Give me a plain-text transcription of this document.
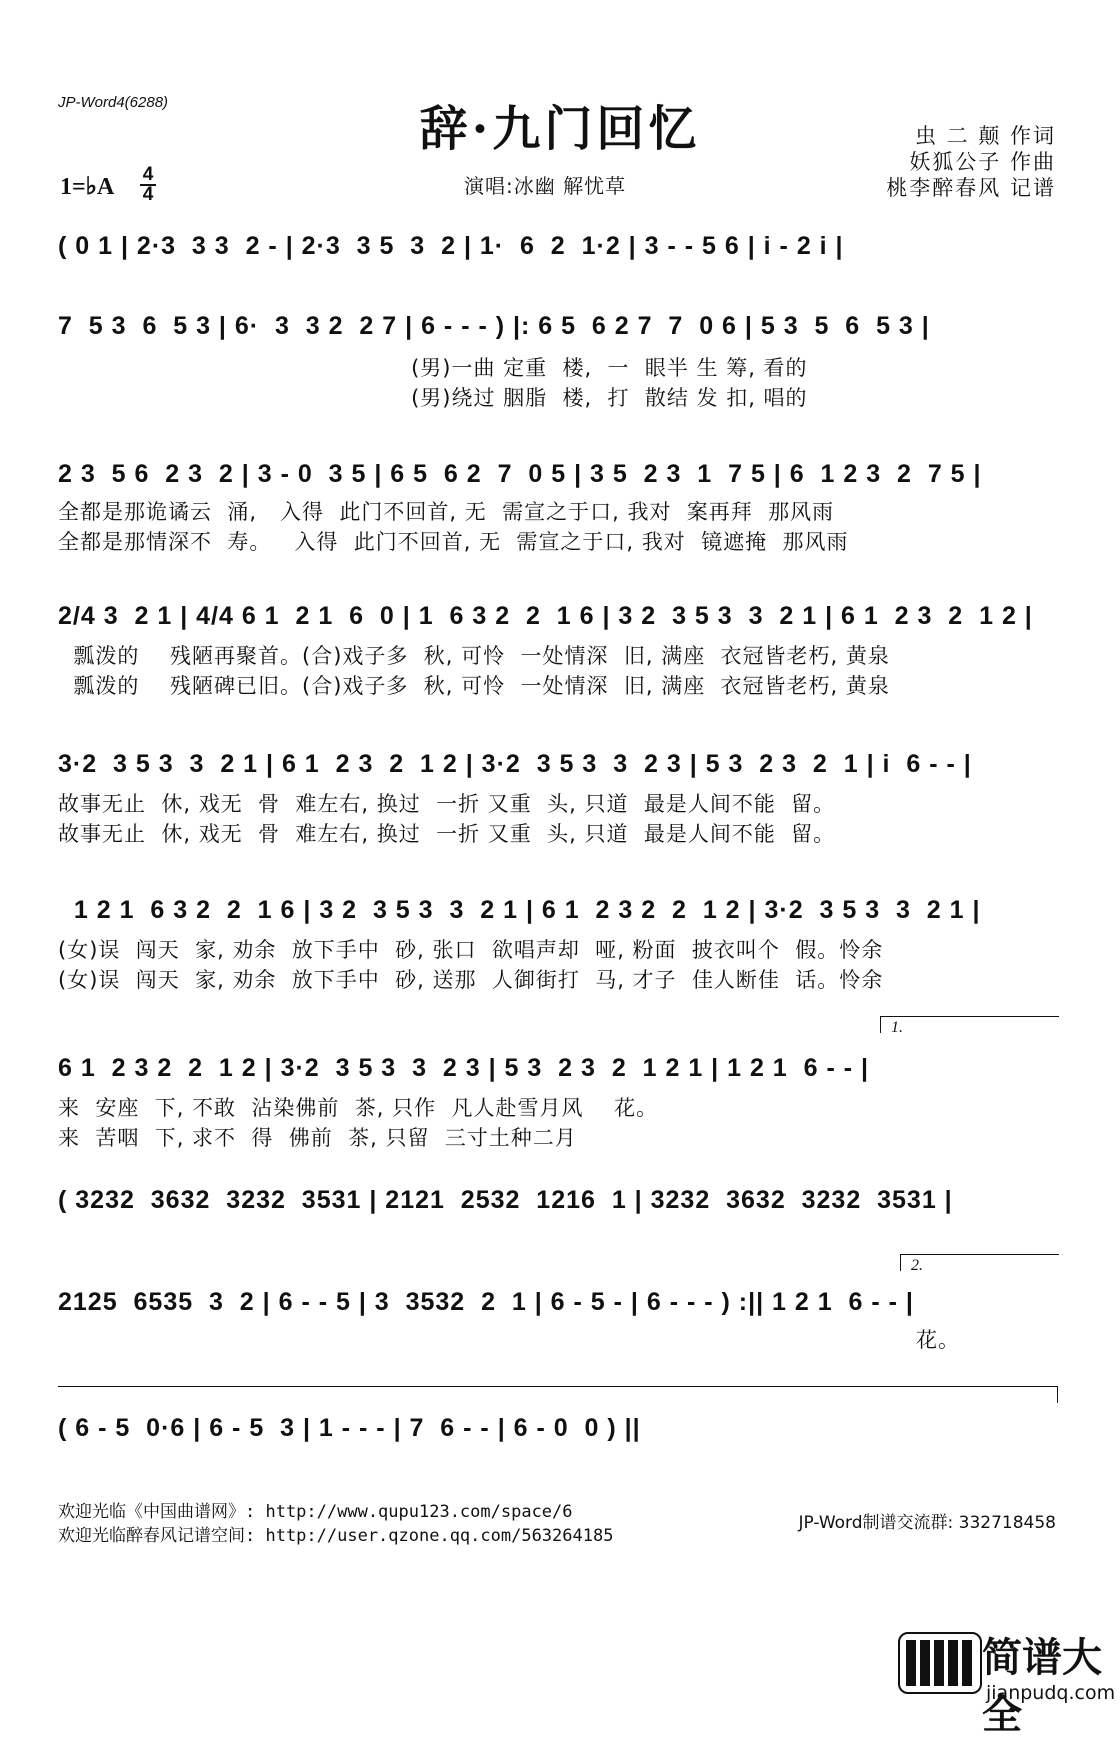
JP-Word4(6288)	辞·九门回忆	虫 二 颠 作词
妖狐公子 作曲
桃李醉春风 记谱
1=♭A 4
4	演唱:冰幽 解忧草
( 0 1 | 2·3  3 3  2 - | 2·3  3 5  3  2 | 1·  6  2  1·2 | 3 - - 5 6 | i - 2 i |
7  5 3  6  5 3 | 6·  3  3 2  2 7 | 6 - - - ) |: 6 5  6 2 7  7  0 6 | 5 3  5  6  5 3 |
(男)一曲 定重  楼,  一  眼半 生 筹, 看的
(男)绕过 胭脂  楼,  打  散结 发 扣, 唱的
2 3  5 6  2 3  2 | 3 - 0  3 5 | 6 5  6 2  7  0 5 | 3 5  2 3  1  7 5 | 6  1 2 3  2  7 5 |
全都是那诡谲云  涌,   入得  此门不回首, 无  需宣之于口, 我对  案再拜  那风雨
全都是那情深不  寿。   入得  此门不回首, 无  需宣之于口, 我对  镜遮掩  那风雨
2/4 3  2 1 | 4/4 6 1  2 1  6  0 | 1  6 3 2  2  1 6 | 3 2  3 5 3  3  2 1 | 6 1  2 3  2  1 2 |
瓢泼的    残陋再聚首。(合)戏子多  秋, 可怜  一处情深  旧, 满座  衣冠皆老朽, 黄泉
瓢泼的    残陋碑已旧。(合)戏子多  秋, 可怜  一处情深  旧, 满座  衣冠皆老朽, 黄泉
3·2  3 5 3  3  2 1 | 6 1  2 3  2  1 2 | 3·2  3 5 3  3  2 3 | 5 3  2 3  2  1 | i  6 - - |
故事无止  休, 戏无  骨  难左右, 换过  一折 又重  头, 只道  最是人间不能  留。
故事无止  休, 戏无  骨  难左右, 换过  一折 又重  头, 只道  最是人间不能  留。
1 2 1  6 3 2  2  1 6 | 3 2  3 5 3  3  2 1 | 6 1  2 3 2  2  1 2 | 3·2  3 5 3  3  2 1 |
(女)误  闯天  家, 劝余  放下手中  砂, 张口  欲唱声却  哑, 粉面  披衣叫个  假。怜余
(女)误  闯天  家, 劝余  放下手中  砂, 送那  人御街打  马, 才子  佳人断佳  话。怜余
1.
6 1  2 3 2  2  1 2 | 3·2  3 5 3  3  2 3 | 5 3  2 3  2  1 2 1 | 1 2 1  6 - - |
来  安座  下, 不敢  沾染佛前  茶, 只作  凡人赴雪月风    花。
来  苦咽  下, 求不  得  佛前  茶, 只留  三寸土种二月
( 3232  3632  3232  3531 | 2121  2532  1216  1 | 3232  3632  3232  3531 |
2.
2125  6535  3  2 | 6 - - 5 | 3  3532  2  1 | 6 - 5 - | 6 - - - ) :|| 1 2 1  6 - - |
花。
( 6 - 5  0·6 | 6 - 5  3 | 1 - - - | 7  6 - - | 6 - 0  0 ) ||
欢迎光临《中国曲谱网》: http://www.qupu123.com/space/6
欢迎光临醉春风记谱空间: http://user.qzone.qq.com/563264185
JP-Word制谱交流群: 332718458
简谱大全
jianpudq.com
